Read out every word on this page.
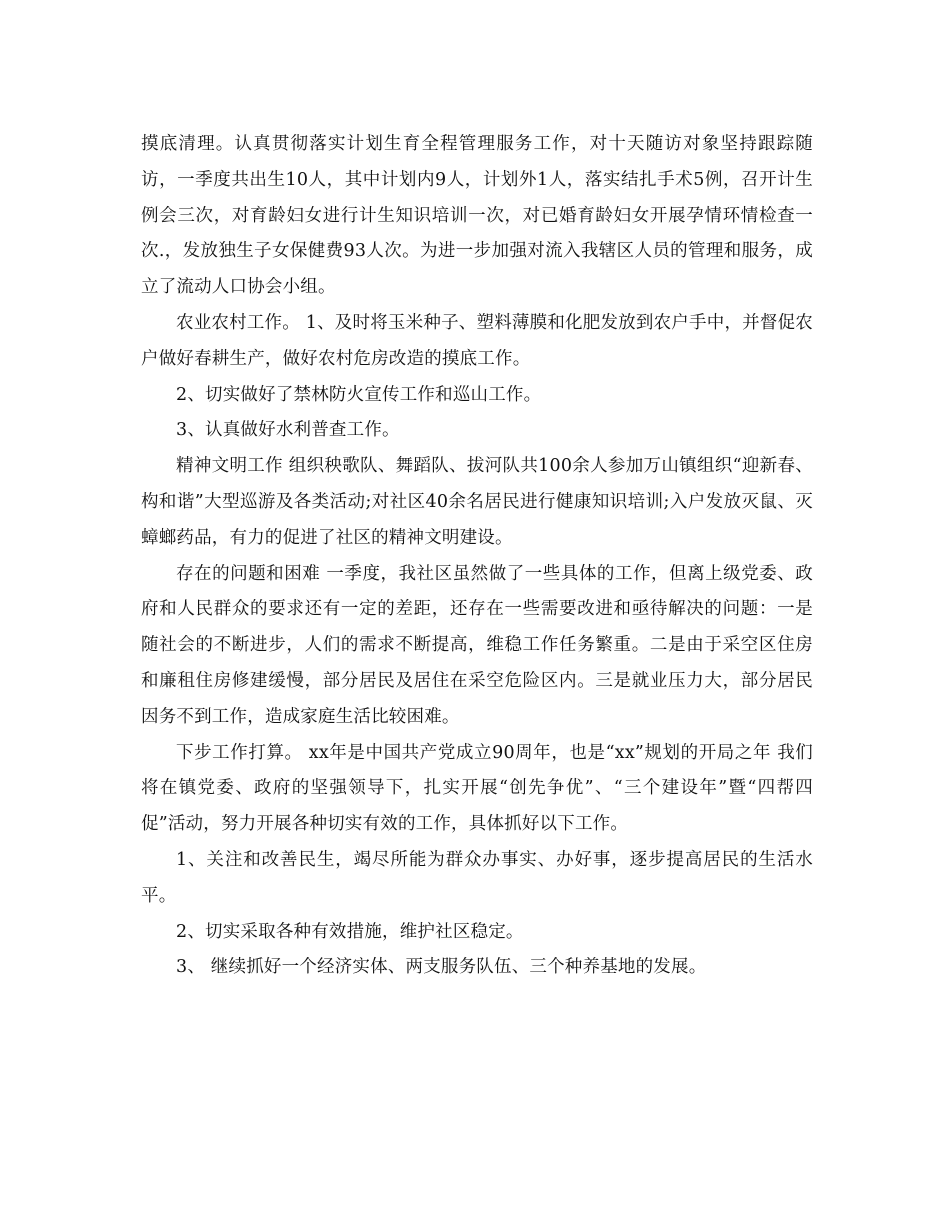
摸底清理。认真贯彻落实计划生育全程管理服务工作，对十天随访对象坚持跟踪随访，一季度共出生10人，其中计划内9人，计划外1人，落实结扎手术5例，召开计生例会三次，对育龄妇女进行计生知识培训一次，对已婚育龄妇女开展孕情环情检查一次.，发放独生子女保健费93人次。为进一步加强对流入我辖区人员的管理和服务，成立了流动人口协会小组。

农业农村工作。 1、及时将玉米种子、塑料薄膜和化肥发放到农户手中，并督促农户做好春耕生产，做好农村危房改造的摸底工作。

2、切实做好了禁林防火宣传工作和巡山工作。

3、认真做好水利普查工作。

精神文明工作 组织秧歌队、舞蹈队、拔河队共100余人参加万山镇组织“迎新春、构和谐”大型巡游及各类活动;对社区40余名居民进行健康知识培训;入户发放灭鼠、灭蟑螂药品，有力的促进了社区的精神文明建设。

存在的问题和困难 一季度，我社区虽然做了一些具体的工作，但离上级党委、政府和人民群众的要求还有一定的差距，还存在一些需要改进和亟待解决的问题：一是随社会的不断进步，人们的需求不断提高，维稳工作任务繁重。二是由于采空区住房和廉租住房修建缓慢，部分居民及居住在采空危险区内。三是就业压力大，部分居民因务不到工作，造成家庭生活比较困难。

下步工作打算。 xx年是中国共产党成立90周年，也是“xx”规划的开局之年 我们将在镇党委、政府的坚强领导下，扎实开展“创先争优”、“三个建设年”暨“四帮四促”活动，努力开展各种切实有效的工作，具体抓好以下工作。

1、关注和改善民生，竭尽所能为群众办事实、办好事，逐步提高居民的生活水平。

2、切实采取各种有效措施，维护社区稳定。

3、 继续抓好一个经济实体、两支服务队伍、三个种养基地的发展。
